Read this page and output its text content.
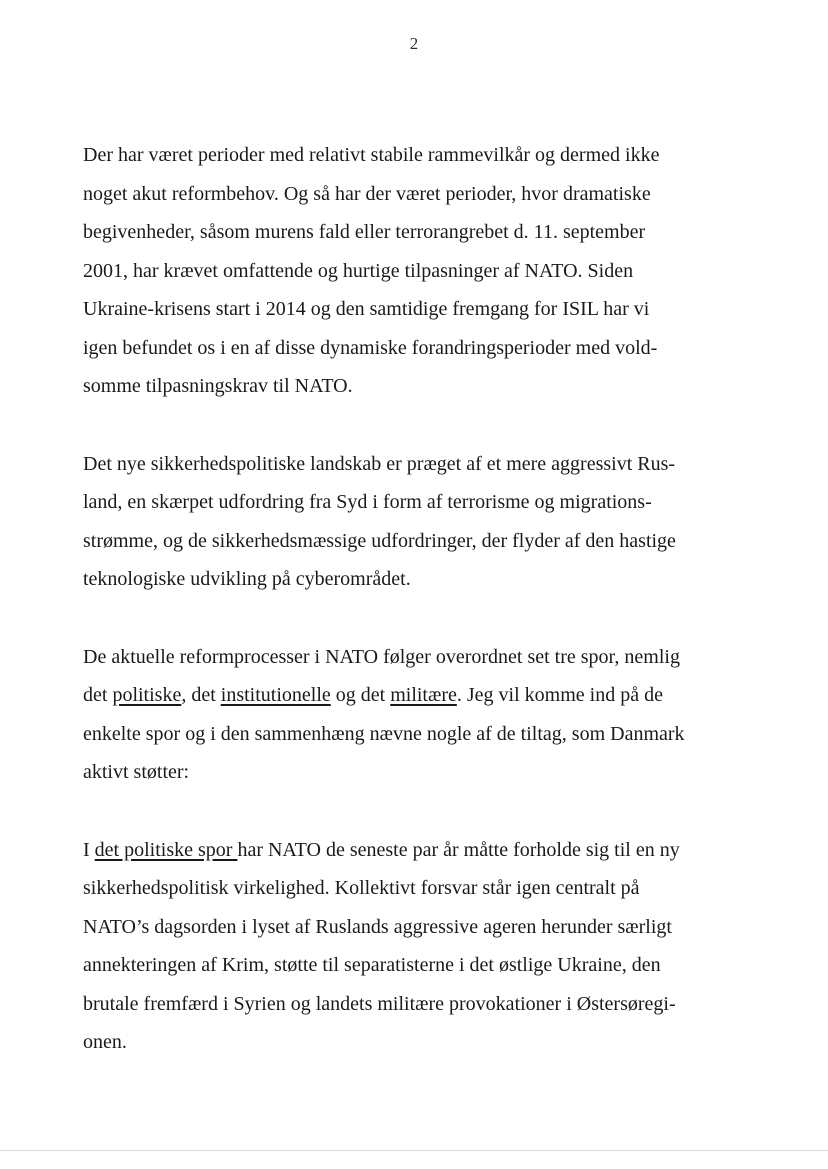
2

Der har været perioder med relativt stabile rammevilkår og dermed ikke
noget akut reformbehov. Og så har der været perioder, hvor dramatiske
begivenheder, såsom murens fald eller terrorangrebet d. 11. september
2001, har krævet omfattende og hurtige tilpasninger af NATO. Siden
Ukraine-krisens start i 2014 og den samtidige fremgang for ISIL har vi
igen befundet os i en af disse dynamiske forandringsperioder med vold-
somme tilpasningskrav til NATO.

Det nye sikkerhedspolitiske landskab er præget af et mere aggressivt Rus-
land, en skærpet udfordring fra Syd i form af terrorisme og migrations-
strømme, og de sikkerhedsmæssige udfordringer, der flyder af den hastige
teknologiske udvikling på cyberområdet.

De aktuelle reformprocesser i NATO følger overordnet set tre spor, nemlig
det politiske, det institutionelle og det militære. Jeg vil komme ind på de
enkelte spor og i den sammenhæng nævne nogle af de tiltag, som Danmark
aktivt støtter:

I det politiske spor har NATO de seneste par år måtte forholde sig til en ny
sikkerhedspolitisk virkelighed. Kollektivt forsvar står igen centralt på
NATO’s dagsorden i lyset af Ruslands aggressive ageren herunder særligt
annekteringen af Krim, støtte til separatisterne i det østlige Ukraine, den
brutale fremfærd i Syrien og landets militære provokationer i Østersøregi-
onen.
